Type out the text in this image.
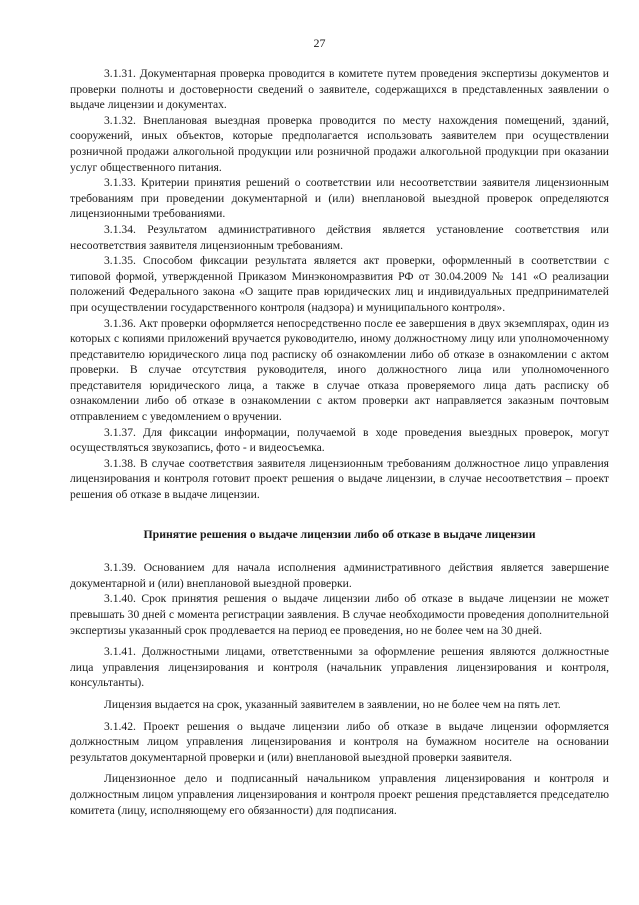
27

3.1.31. Документарная проверка проводится в комитете путем проведения экспертизы документов и проверки полноты и достоверности сведений о заявителе, содержащихся в представленных заявлении о выдаче лицензии и документах.

3.1.32. Внеплановая выездная проверка проводится по месту нахождения помещений, зданий, сооружений, иных объектов, которые предполагается использовать заявителем при осуществлении розничной продажи алкогольной продукции или розничной продажи алкогольной продукции при оказании услуг общественного питания.

3.1.33. Критерии принятия решений о соответствии или несоответствии заявителя лицензионным требованиям при проведении документарной и (или) внеплановой выездной проверок определяются лицензионными требованиями.

3.1.34. Результатом административного действия является установление соответствия или несоответствия заявителя лицензионным требованиям.

3.1.35. Способом фиксации результата является акт проверки, оформленный в соответствии с типовой формой, утвержденной Приказом Минэкономразвития РФ от 30.04.2009 № 141 «О реализации положений Федерального закона «О защите прав юридических лиц и индивидуальных предпринимателей при осуществлении государственного контроля (надзора) и муниципального контроля».

3.1.36. Акт проверки оформляется непосредственно после ее завершения в двух экземплярах, один из которых с копиями приложений вручается руководителю, иному должностному лицу или уполномоченному представителю юридического лица под расписку об ознакомлении либо об отказе в ознакомлении с актом проверки. В случае отсутствия руководителя, иного должностного лица или уполномоченного представителя юридического лица, а также в случае отказа проверяемого лица дать расписку об ознакомлении либо об отказе в ознакомлении с актом проверки акт направляется заказным почтовым отправлением с уведомлением о вручении.

3.1.37. Для фиксации информации, получаемой в ходе проведения выездных проверок, могут осуществляться звукозапись, фото - и видеосъемка.

3.1.38. В случае соответствия заявителя лицензионным требованиям должностное лицо управления лицензирования и контроля готовит проект решения о выдаче лицензии, в случае несоответствия – проект решения об отказе в выдаче лицензии.

Принятие решения о выдаче лицензии либо об отказе в выдаче лицензии

3.1.39. Основанием для начала исполнения административного действия является завершение документарной и (или) внеплановой выездной проверки.

3.1.40. Срок принятия решения о выдаче лицензии либо об отказе в выдаче лицензии не может превышать 30 дней с момента регистрации заявления. В случае необходимости проведения дополнительной экспертизы указанный срок продлевается на период ее проведения, но не более чем на 30 дней.

3.1.41. Должностными лицами, ответственными за оформление решения являются должностные лица управления лицензирования и контроля (начальник управления лицензирования и контроля, консультанты).

Лицензия выдается на срок, указанный заявителем в заявлении, но не более чем на пять лет.

3.1.42. Проект решения о выдаче лицензии либо об отказе в выдаче лицензии оформляется должностным лицом управления лицензирования и контроля на бумажном носителе на основании результатов документарной проверки и (или) внеплановой выездной проверки заявителя.

Лицензионное дело и подписанный начальником управления лицензирования и контроля и должностным лицом управления лицензирования и контроля проект решения представляется председателю комитета (лицу, исполняющему его обязанности) для подписания.
